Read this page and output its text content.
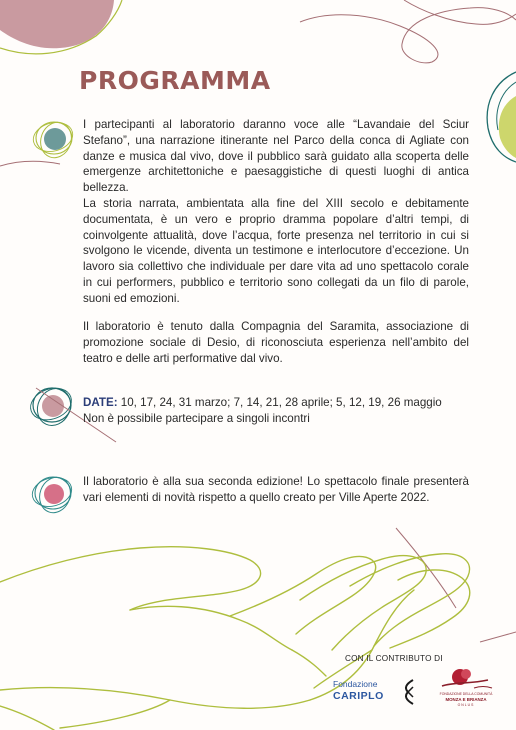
PROGRAMMA

I partecipanti al laboratorio daranno voce alle “Lavandaie del Sciur Stefano”, una narrazione itinerante nel Parco della conca di Agliate con danze e musica dal vivo, dove il pubblico sarà guidato alla scoperta delle emergenze architettoniche e paesaggistiche di questi luoghi di antica bellezza.

La storia narrata, ambientata alla fine del XIII secolo e debitamente documentata, è un vero e proprio dramma popolare d’altri tempi, di coinvolgente attualità, dove l’acqua, forte presenza nel territorio in cui si svolgono le vicende, diventa un testimone e interlocutore d’eccezione. Un lavoro sia collettivo che individuale per dare vita ad uno spettacolo corale in cui performers, pubblico e territorio sono collegati da un filo di parole, suoni ed emozioni.

Il laboratorio è tenuto dalla Compagnia del Saramita, associazione di promozione sociale di Desio, di riconosciuta esperienza nell’ambito del teatro e delle arti performative dal vivo.

DATE: 10, 17, 24, 31 marzo; 7, 14, 21, 28 aprile; 5, 12, 19, 26 maggio
Non è possibile partecipare a singoli incontri

Il laboratorio è alla sua seconda edizione! Lo spettacolo finale presenterà vari elementi di novità rispetto a quello creato per Ville Aperte 2022.

CON IL CONTRIBUTO DI
Fondazione
CARIPLO	FONDAZIONE DELLA COMUNITÀ
MONZA E BRIANZA
ONLUS
